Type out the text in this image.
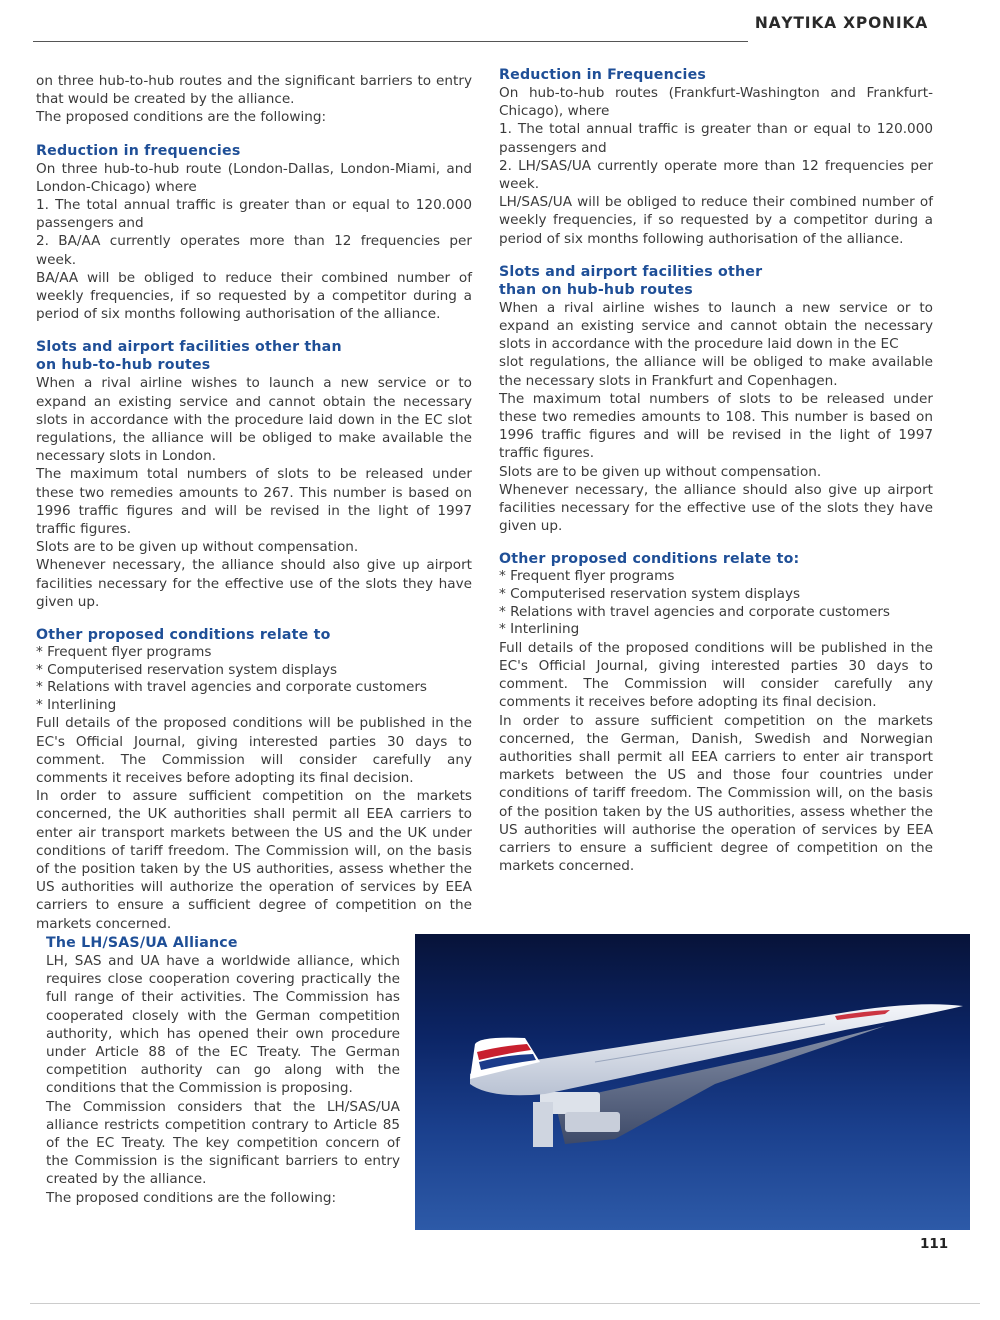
ΝΑΥΤΙΚΑ ΧΡΟΝΙΚΑ

on three hub-to-hub routes and the significant barriers to entry that would be created by the alliance.

The proposed conditions are the following:

Reduction in frequencies

On three hub-to-hub route (London-Dallas, London-Miami, and London-Chicago) where

1. The total annual traffic is greater than or equal to 120.000 passengers and

2. BA/AA currently operates more than 12 frequencies per week.

BA/AA will be obliged to reduce their combined number of weekly frequencies, if so requested by a competitor during a period of six months following authorisation of the alliance.

Slots and airport facilities other than
on hub-to-hub routes

When a rival airline wishes to launch a new service or to expand an existing service and cannot obtain the necessary slots in accordance with the procedure laid down in the EC slot regulations, the alliance will be obliged to make available the necessary slots in London.

The maximum total numbers of slots to be released under these two remedies amounts to 267. This number is based on 1996 traffic figures and will be revised in the light of 1997 traffic figures.

Slots are to be given up without compensation.

Whenever necessary, the alliance should also give up airport facilities necessary for the effective use of the slots they have given up.

Other proposed conditions relate to
* Frequent flyer programs
* Computerised reservation system displays
* Relations with travel agencies and corporate customers
* Interlining

Full details of the proposed conditions will be published in the EC's Official Journal, giving interested parties 30 days to comment. The Commission will consider carefully any comments it receives before adopting its final decision.

In order to assure sufficient competition on the markets concerned, the UK authorities shall permit all EEA carriers to enter air transport markets between the US and the UK under conditions of tariff freedom. The Commission will, on the basis of the position taken by the US authorities, assess whether the US authorities will authorize the operation of services by EEA carriers to ensure a sufficient degree of competition on the markets concerned.

Reduction in Frequencies

On hub-to-hub routes (Frankfurt-Washington and Frankfurt-Chicago), where

1. The total annual traffic is greater than or equal to 120.000 passengers and

2. LH/SAS/UA currently operate more than 12 frequencies per week.

LH/SAS/UA will be obliged to reduce their combined number of weekly frequencies, if so requested by a competitor during a period of six months following authorisation of the alliance.

Slots and airport facilities other
than on hub-hub routes

When a rival airline wishes to launch a new service or to expand an existing service and cannot obtain the necessary slots in accordance with the procedure laid down in the EC

slot regulations, the alliance will be obliged to make available the necessary slots in Frankfurt and Copenhagen.

The maximum total numbers of slots to be released under these two remedies amounts to 108. This number is based on 1996 traffic figures and will be revised in the light of 1997 traffic figures.

Slots are to be given up without compensation.

Whenever necessary, the alliance should also give up airport facilities necessary for the effective use of the slots they have given up.

Other proposed conditions relate to:
* Frequent flyer programs
* Computerised reservation system displays
* Relations with travel agencies and corporate customers
* Interlining

Full details of the proposed conditions will be published in the EC's Official Journal, giving interested parties 30 days to comment. The Commission will consider carefully any comments it receives before adopting its final decision.

In order to assure sufficient competition on the markets concerned, the German, Danish, Swedish and Norwegian authorities shall permit all EEA carriers to enter air transport markets between the US and those four countries under conditions of tariff freedom. The Commission will, on the basis of the position taken by the US authorities, assess whether the US authorities will authorise the operation of services by EEA carriers to ensure a sufficient degree of competition on the markets concerned.

The LH/SAS/UA Alliance

LH, SAS and UA have a worldwide alliance, which requires close cooperation covering practically the full range of their activities. The Commission has cooperated closely with the German competition authority, which has opened their own procedure under Article 88 of the EC Treaty. The German competition authority can go along with the conditions that the Commission is proposing.

The Commission considers that the LH/SAS/UA alliance restricts competition contrary to Article 85 of the EC Treaty. The key competition concern of the Commission is the significant barriers to entry created by the alliance.

The proposed conditions are the following:

111
